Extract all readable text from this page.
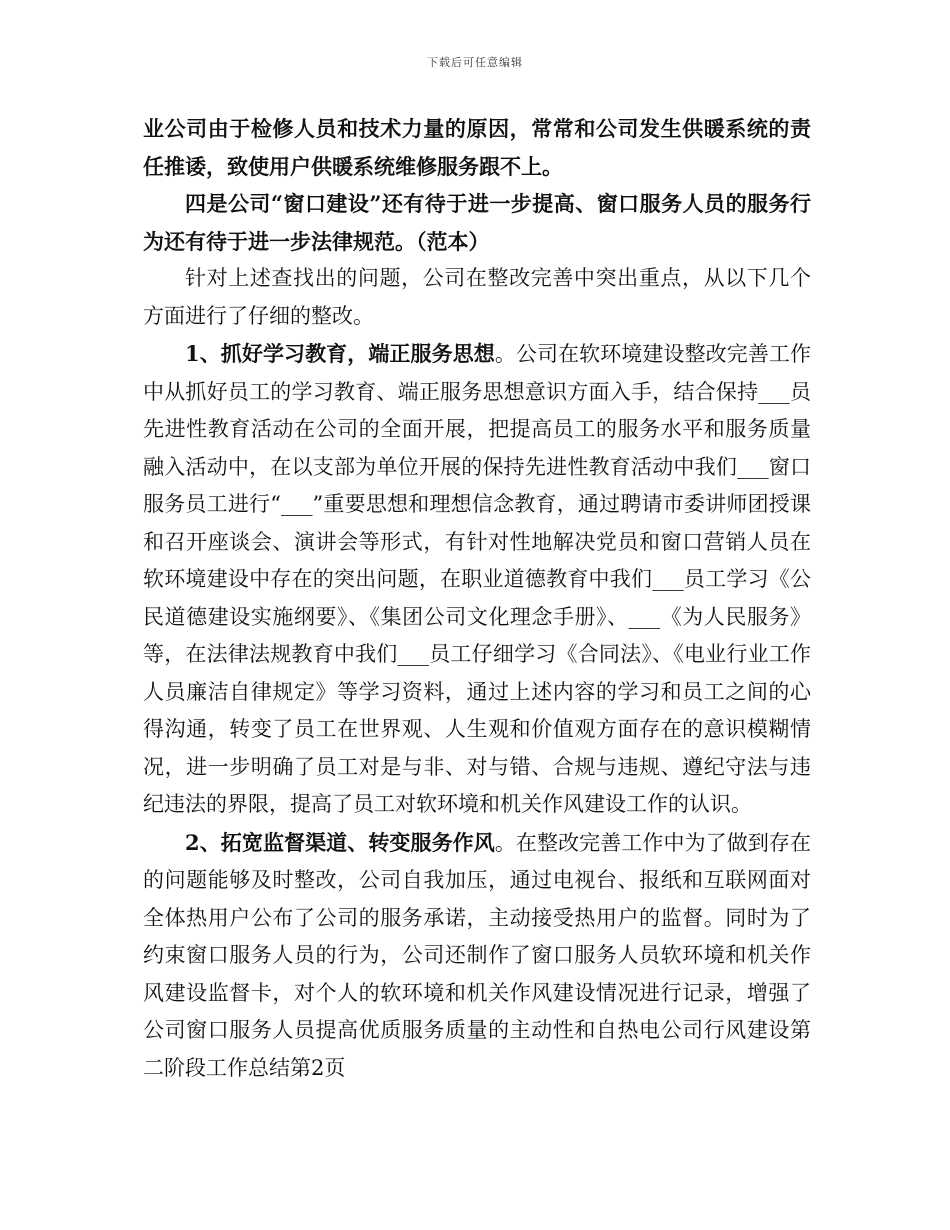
下载后可任意编辑

业公司由于检修人员和技术力量的原因，常常和公司发生供暖系统的责任推诿，致使用户供暖系统维修服务跟不上。

四是公司“窗口建设”还有待于进一步提高、窗口服务人员的服务行为还有待于进一步法律规范。（范本）

针对上述查找出的问题，公司在整改完善中突出重点，从以下几个方面进行了仔细的整改。

1、抓好学习教育，端正服务思想。公司在软环境建设整改完善工作中从抓好员工的学习教育、端正服务思想意识方面入手，结合保持___员先进性教育活动在公司的全面开展，把提高员工的服务水平和服务质量融入活动中，在以支部为单位开展的保持先进性教育活动中我们___窗口服务员工进行“___”重要思想和理想信念教育，通过聘请市委讲师团授课和召开座谈会、演讲会等形式，有针对性地解决党员和窗口营销人员在软环境建设中存在的突出问题，在职业道德教育中我们___员工学习《公民道德建设实施纲要》、《集团公司文化理念手册》、___《为人民服务》等，在法律法规教育中我们___员工仔细学习《合同法》、《电业行业工作人员廉洁自律规定》等学习资料，通过上述内容的学习和员工之间的心得沟通，转变了员工在世界观、人生观和价值观方面存在的意识模糊情况，进一步明确了员工对是与非、对与错、合规与违规、遵纪守法与违纪违法的界限，提高了员工对软环境和机关作风建设工作的认识。

2、拓宽监督渠道、转变服务作风。在整改完善工作中为了做到存在的问题能够及时整改，公司自我加压，通过电视台、报纸和互联网面对全体热用户公布了公司的服务承诺，主动接受热用户的监督。同时为了约束窗口服务人员的行为，公司还制作了窗口服务人员软环境和机关作风建设监督卡，对个人的软环境和机关作风建设情况进行记录，增强了公司窗口服务人员提高优质服务质量的主动性和自热电公司行风建设第二阶段工作总结第2页
